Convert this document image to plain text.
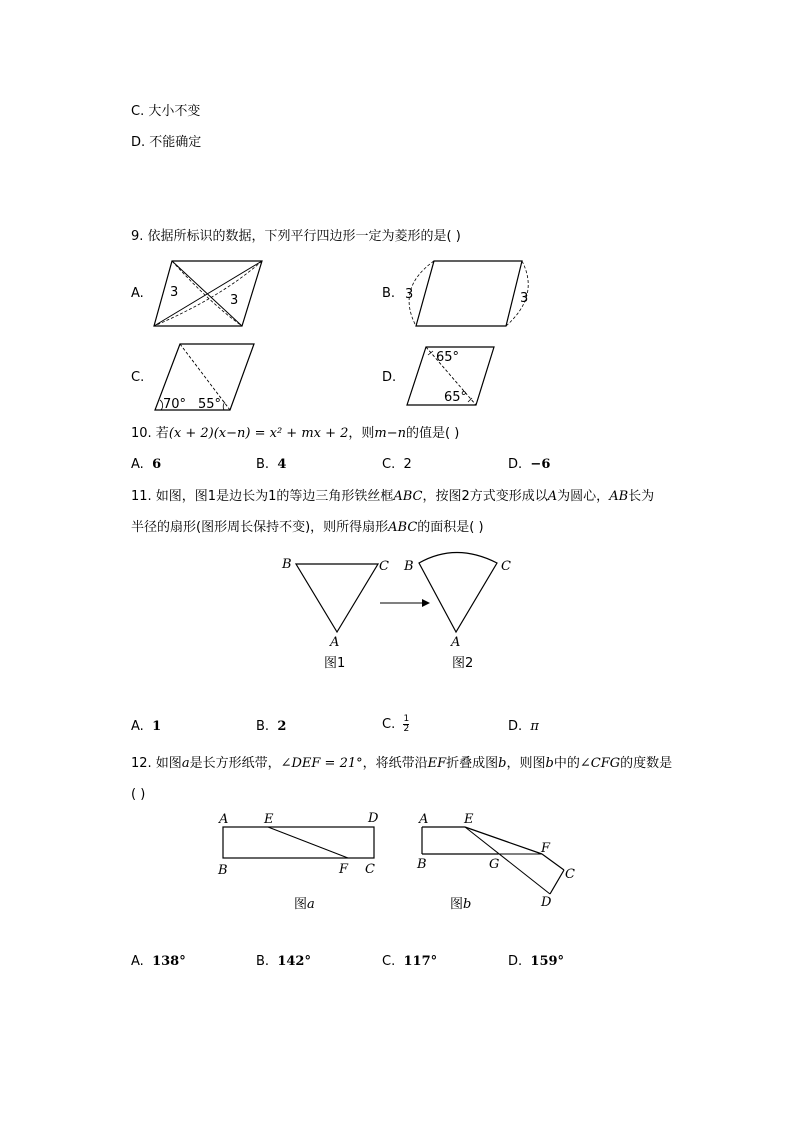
C. 大小不变
D. 不能确定
9. 依据所标识的数据，下列平行四边形一定为菱形的是( )
A. 3
3	B. 3	3
C.
70° 55°
D.
65°
65°
10. 若(x + 2)(x−n) = x² + mx + 2，则m−n的值是( )
A. 6	B. 4	C. 2	D. −6
11. 如图，图1是边长为1的等边三角形铁丝框ABC，按图2方式变形成以A为圆心，AB长为
半径的扇形(图形周长保持不变)，则所得扇形ABC的面积是( )
B	C
A
图1
B	C
A
图2
A. 1	B. 2	C. $\frac{1}{2}$	D. π
12. 如图a是长方形纸带，∠DEF = 21°，将纸带沿EF折叠成图b，则图b中的∠CFG的度数是
( )
A	E	D
B	F C
图 a
A	E
F
B	G
C
D
图 b
A. 138°	B. 142°	C. 117°	D. 159°
